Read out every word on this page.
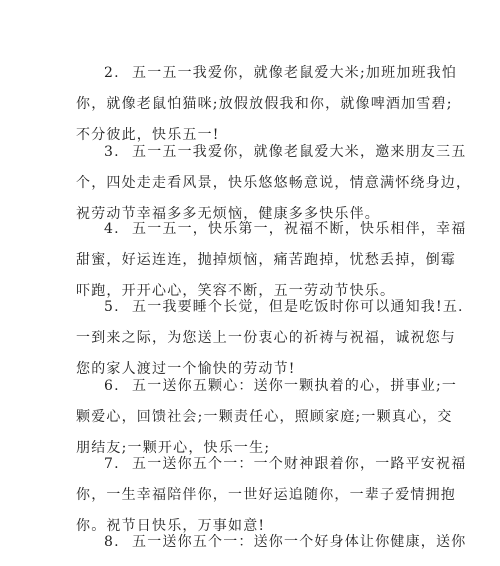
2. 五一五一我爱你，就像老鼠爱大米;加班加班我怕
你，就像老鼠怕猫咪;放假放假我和你，就像啤酒加雪碧;
不分彼此，快乐五一!
3. 五一五一我爱你，就像老鼠爱大米，邀来朋友三五
个，四处走走看风景，快乐悠悠畅意说，情意满怀绕身边，
祝劳动节幸福多多无烦恼，健康多多快乐伴。
4. 五一五一，快乐第一，祝福不断，快乐相伴，幸福
甜蜜，好运连连，抛掉烦恼，痛苦跑掉，忧愁丢掉，倒霉
吓跑，开开心心，笑容不断，五一劳动节快乐。
5. 五一我要睡个长觉，但是吃饭时你可以通知我!五.
一到来之际，为您送上一份衷心的祈祷与祝福，诚祝您与
您的家人渡过一个愉快的劳动节!
6. 五一送你五颗心：送你一颗执着的心，拼事业;一
颗爱心，回馈社会;一颗责任心，照顾家庭;一颗真心，交
朋结友;一颗开心，快乐一生;
7. 五一送你五个一：一个财神跟着你，一路平安祝福
你，一生幸福陪伴你，一世好运追随你，一辈子爱情拥抱
你。祝节日快乐，万事如意!
8. 五一送你五个一：送你一个好身体让你健康，送你
